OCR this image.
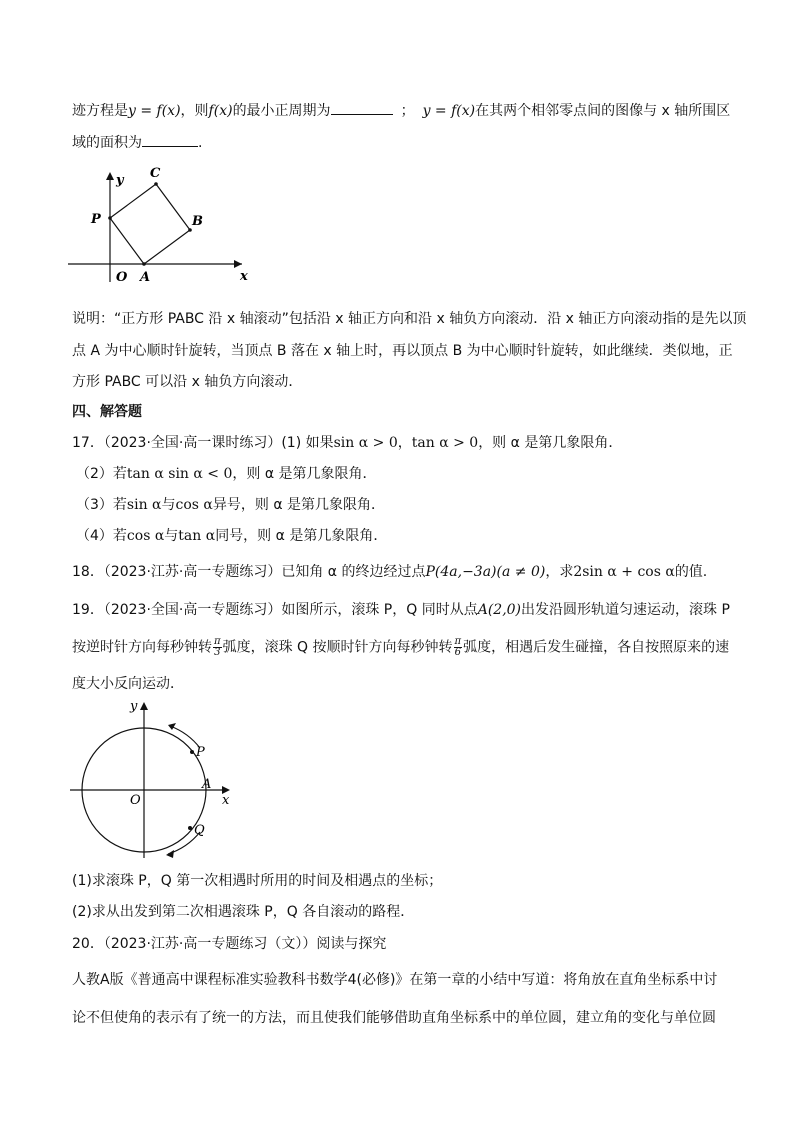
迹方程是y = f(x)，则f(x)的最小正周期为	； y = f(x)在其两个相邻零点间的图像与 x 轴所围区
域的面积为	.
y
x
O A
B
C
P
说明：“正方形 PABC 沿 x 轴滚动”包括沿 x 轴正方向和沿 x 轴负方向滚动．沿 x 轴正方向滚动指的是先以顶
点 A 为中心顺时针旋转，当顶点 B 落在 x 轴上时，再以顶点 B 为中心顺时针旋转，如此继续．类似地，正
方形 PABC 可以沿 x 轴负方向滚动．
四、解答题
17．（2023·全国·高一课时练习）(1) 如果sin α > 0，tan α > 0，则 α 是第几象限角．
（2）若tan α sin α < 0，则 α 是第几象限角．
（3）若sin α与cos α异号，则 α 是第几象限角．
（4）若cos α与tan α同号，则 α 是第几象限角．
18．（2023·江苏·高一专题练习）已知角 α 的终边经过点P(4a,−3a)(a ≠ 0)，求2sin α + cos α的值.
19．（2023·全国·高一专题练习）如图所示，滚珠 P，Q 同时从点A(2,0)出发沿圆形轨道匀速运动，滚珠 P
按逆时针方向每秒钟转 $\frac{\pi}{3}$ 弧度，滚珠 Q 按顺时针方向每秒钟转 $\frac{\pi}{6}$ 弧度，相遇后发生碰撞，各自按照原来的速
度大小反向运动．
y
x
O
A
P
Q
(1)求滚珠 P，Q 第一次相遇时所用的时间及相遇点的坐标；
(2)求从出发到第二次相遇滚珠 P，Q 各自滚动的路程．
20．（2023·江苏·高一专题练习（文））阅读与探究
人教A版《普通高中课程标准实验教科书数学4(必修)》在第一章的小结中写道：将角放在直角坐标系中讨
论不但使角的表示有了统一的方法，而且使我们能够借助直角坐标系中的单位圆，建立角的变化与单位圆
